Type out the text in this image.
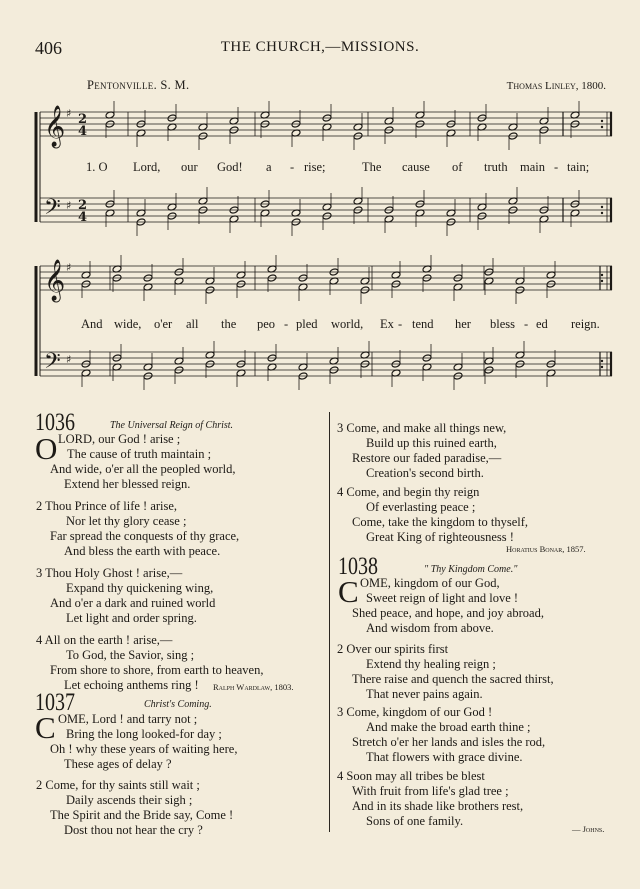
406	THE CHURCH,—MISSIONS.
Pentonville. S. M.	Thomas Linley, 1800.
𝄞 ♯
𝄢 ♯
𝄞 ♯
𝄢 ♯
2
4
2
4
1. O Lord, our God! a - rise;	The cause of truth main - tain;
And wide, o'er all the peo - pled world, Ex - tend her bless - ed reign.
1036	The Universal Reign of Christ.
O LORD, our God ! arise ;
The cause of truth maintain ;
And wide, o'er all the peopled world,
Extend her blessed reign.
2 Thou Prince of life ! arise,
Nor let thy glory cease ;
Far spread the conquests of thy grace,
And bless the earth with peace.
3 Thou Holy Ghost ! arise,—
Expand thy quickening wing,
And o'er a dark and ruined world
Let light and order spring.
4 All on the earth ! arise,—
To God, the Savior, sing ;
From shore to shore, from earth to heaven,
Let echoing anthems ring ! Ralph Wardlaw, 1803.
1037	Christ's Coming.
C OME, Lord ! and tarry not ;
Bring the long looked-for day ;
Oh ! why these years of waiting here,
These ages of delay ?
2 Come, for thy saints still wait ;
Daily ascends their sigh ;
The Spirit and the Bride say, Come !
Dost thou not hear the cry ?
3 Come, and make all things new,
Build up this ruined earth,
Restore our faded paradise,—
Creation's second birth.
4 Come, and begin thy reign
Of everlasting peace ;
Come, take the kingdom to thyself,
Great King of righteousness !
Horatius Bonar, 1857.
1038	" Thy Kingdom Come."
C OME, kingdom of our God,
Sweet reign of light and love !
Shed peace, and hope, and joy abroad,
And wisdom from above.
2 Over our spirits first
Extend thy healing reign ;
There raise and quench the sacred thirst,
That never pains again.
3 Come, kingdom of our God !
And make the broad earth thine ;
Stretch o'er her lands and isles the rod,
That flowers with grace divine.
4 Soon may all tribes be blest
With fruit from life's glad tree ;
And in its shade like brothers rest,
Sons of one family.
— Johns.
